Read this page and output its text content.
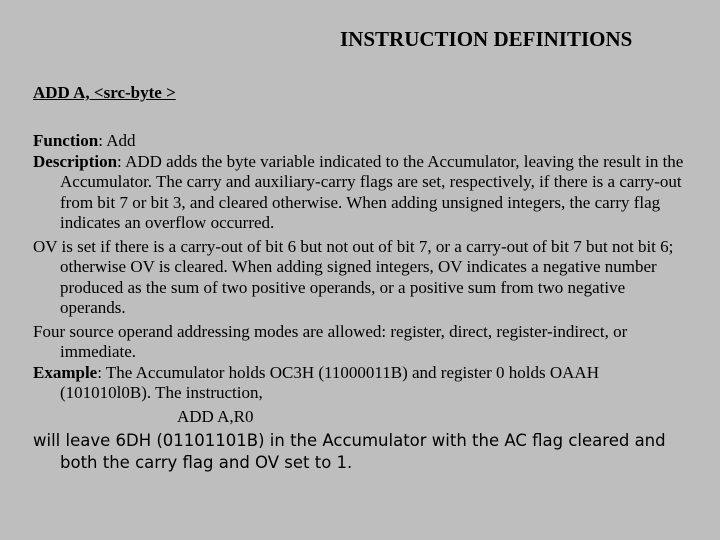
INSTRUCTION DEFINITIONS
ADD A, <src-byte >
Function: Add
Description: ADD adds the byte variable indicated to the Accumulator, leaving the result in the Accumulator. The carry and auxiliary-carry flags are set, respectively, if there is a carry-out from bit 7 or bit 3, and cleared otherwise. When adding unsigned integers, the carry flag indicates an overflow occurred.
OV is set if there is a carry-out of bit 6 but not out of bit 7, or a carry-out of bit 7 but not bit 6; otherwise OV is cleared. When adding signed integers, OV indicates a negative number produced as the sum of two positive operands, or a positive sum from two negative operands.
Four source operand addressing modes are allowed: register, direct, register-indirect, or immediate.
Example: The Accumulator holds OC3H (11000011B) and register 0 holds OAAH (101010l0B). The instruction,
ADD A,R0
will leave 6DH (01101101B) in the Accumulator with the AC flag cleared and both the carry flag and OV set to 1.
